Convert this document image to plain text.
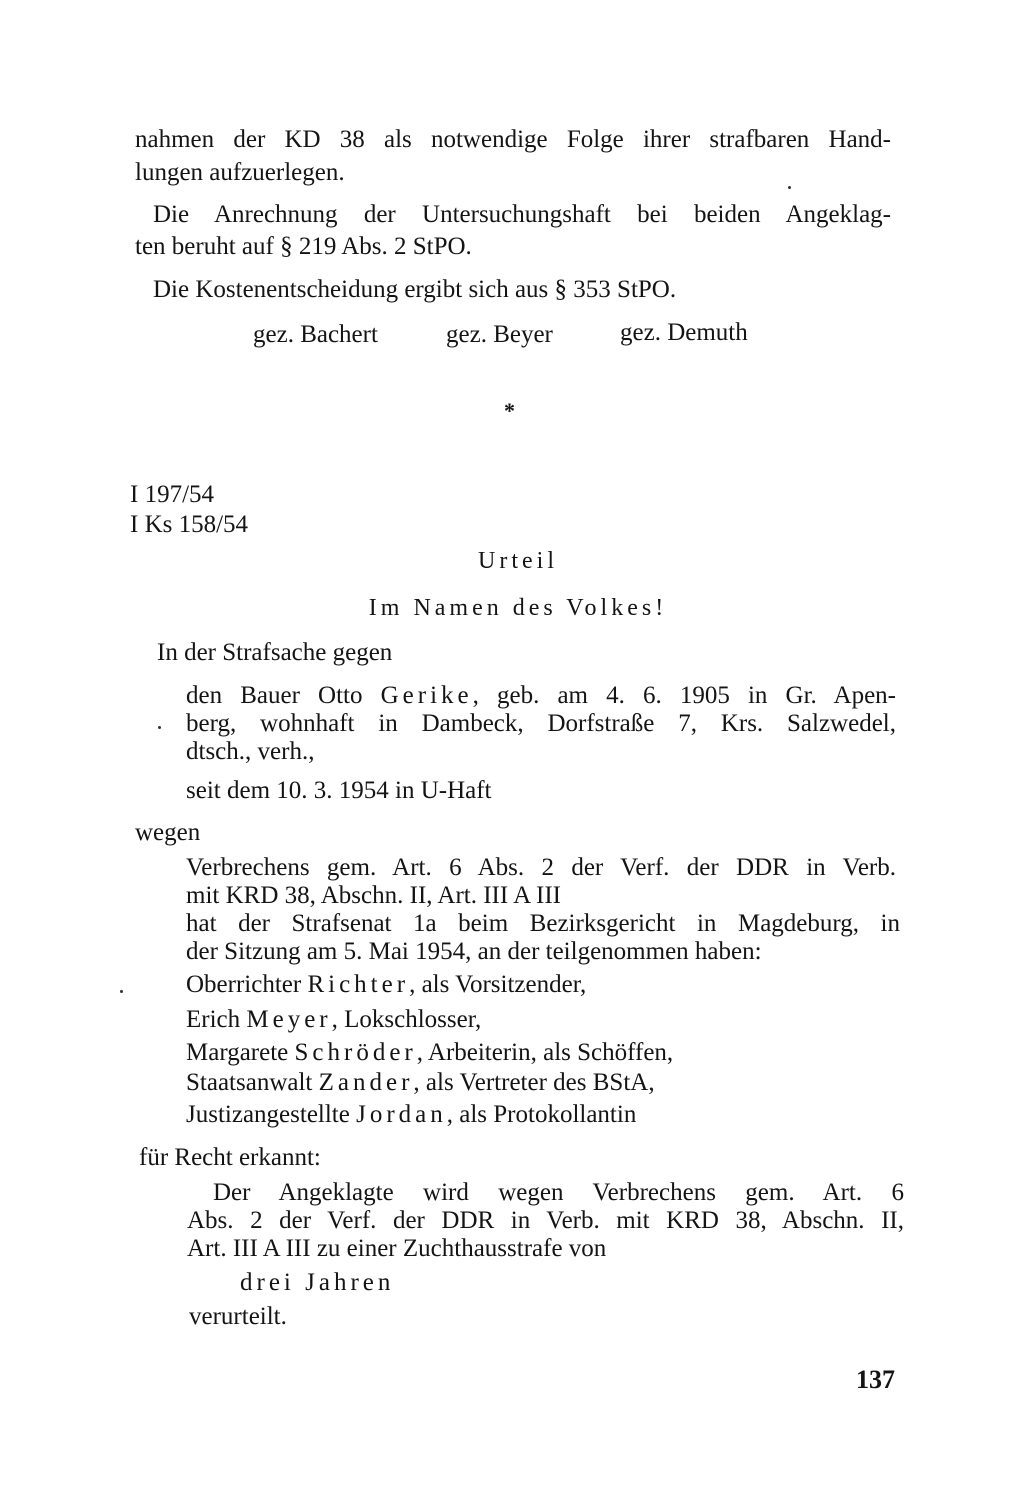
nahmen der KD 38 als notwendige Folge ihrer strafbaren Hand-
lungen aufzuerlegen.
Die Anrechnung der Untersuchungshaft bei beiden Angeklag-
ten beruht auf § 219 Abs. 2 StPO.
Die Kostenentscheidung ergibt sich aus § 353 StPO.
gez. Bachert	gez. Beyer	gez. Demuth
*
I 197/54
I Ks 158/54
Urteil
Im Namen des Volkes!
In der Strafsache gegen
den Bauer Otto Gerike, geb. am 4. 6. 1905 in Gr. Apen-
berg, wohnhaft in Dambeck, Dorfstraße 7, Krs. Salzwedel,
dtsch., verh.,
seit dem 10. 3. 1954 in U-Haft
wegen
Verbrechens gem. Art. 6 Abs. 2 der Verf. der DDR in Verb.
mit KRD 38, Abschn. II, Art. III A III
hat der Strafsenat 1a beim Bezirksgericht in Magdeburg, in
der Sitzung am 5. Mai 1954, an der teilgenommen haben:
Oberrichter Richter, als Vorsitzender,
Erich Meyer, Lokschlosser,
Margarete Schröder, Arbeiterin, als Schöffen,
Staatsanwalt Zander, als Vertreter des BStA,
Justizangestellte Jordan, als Protokollantin
für Recht erkannt:
Der Angeklagte wird wegen Verbrechens gem. Art. 6
Abs. 2 der Verf. der DDR in Verb. mit KRD 38, Abschn. II,
Art. III A III zu einer Zuchthausstrafe von
drei Jahren
verurteilt.
137
